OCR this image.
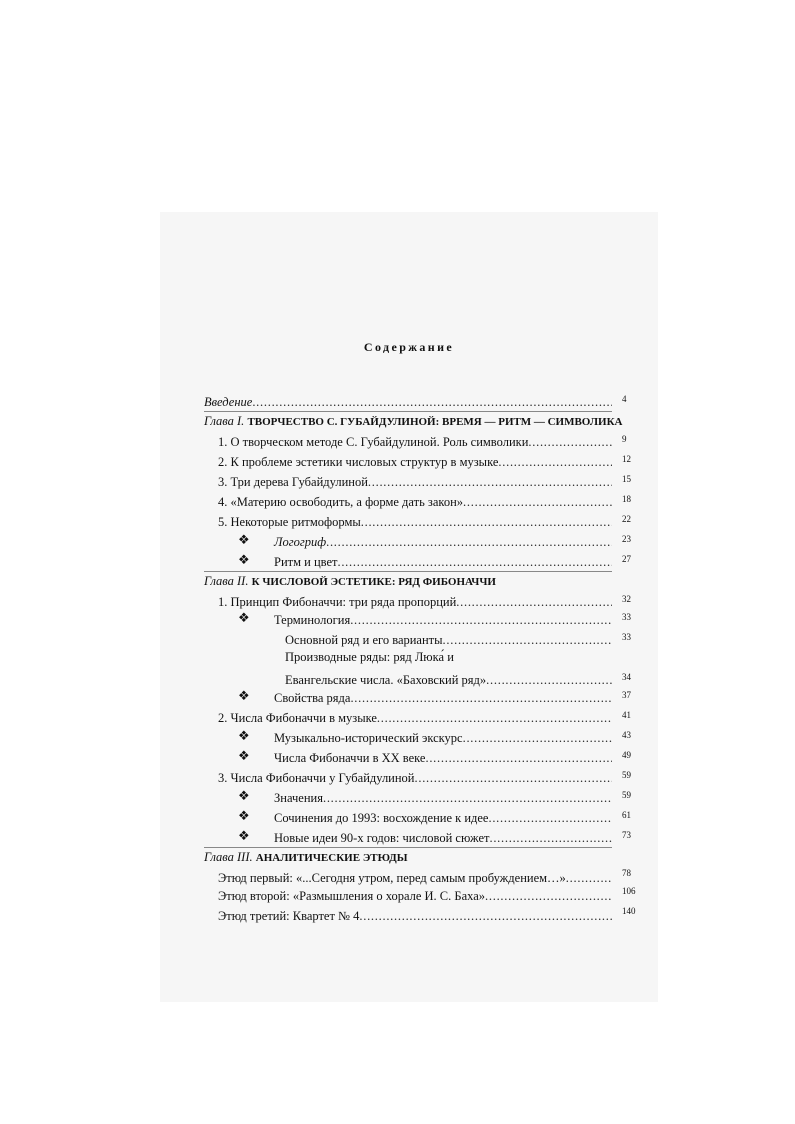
Содержание
Введение . . .	4
Глава I. ТВОРЧЕСТВО С. ГУБАЙДУЛИНОЙ: ВРЕМЯ — РИТМ — СИМВОЛИКА
1. О творческом методе С. Губайдулиной. Роль символики . . .	9
2. К проблеме эстетики числовых структур в музыке . . .	12
3. Три дерева Губайдулиной . . .	15
4. «Материю освободить, а форме дать закон» . . .	18
5. Некоторые ритмоформы . . .	22
❖ Логогриф . . .	23
❖ Ритм и цвет . . .	27
Глава II. К ЧИСЛОВОЙ ЭСТЕТИКЕ: РЯД ФИБОНАЧЧИ
1. Принцип Фибоначчи: три ряда пропорций . . .	32
❖ Терминология . . .	33
Основной ряд и его варианты . . .	33
Производные ряды: ряд Люка́ и
Евангельские числа. «Баховский ряд» . . .	34
❖ Свойства ряда . . .	37
2. Числа Фибоначчи в музыке . . .	41
❖ Музыкально-исторический экскурс . . .	43
❖ Числа Фибоначчи в XX веке . . .	49
3. Числа Фибоначчи у Губайдулиной . . .	59
❖ Значения . . .	59
❖ Сочинения до 1993: восхождение к идее . . .	61
❖ Новые идеи 90-х годов: числовой сюжет . . .	73
Глава III. АНАЛИТИЧЕСКИЕ ЭТЮДЫ
Этюд первый: «...Сегодня утром, перед самым пробуждением…» . . .	78
Этюд второй: «Размышления о хорале И. С. Баха» . . .	106
Этюд третий: Квартет № 4 . . .	140
